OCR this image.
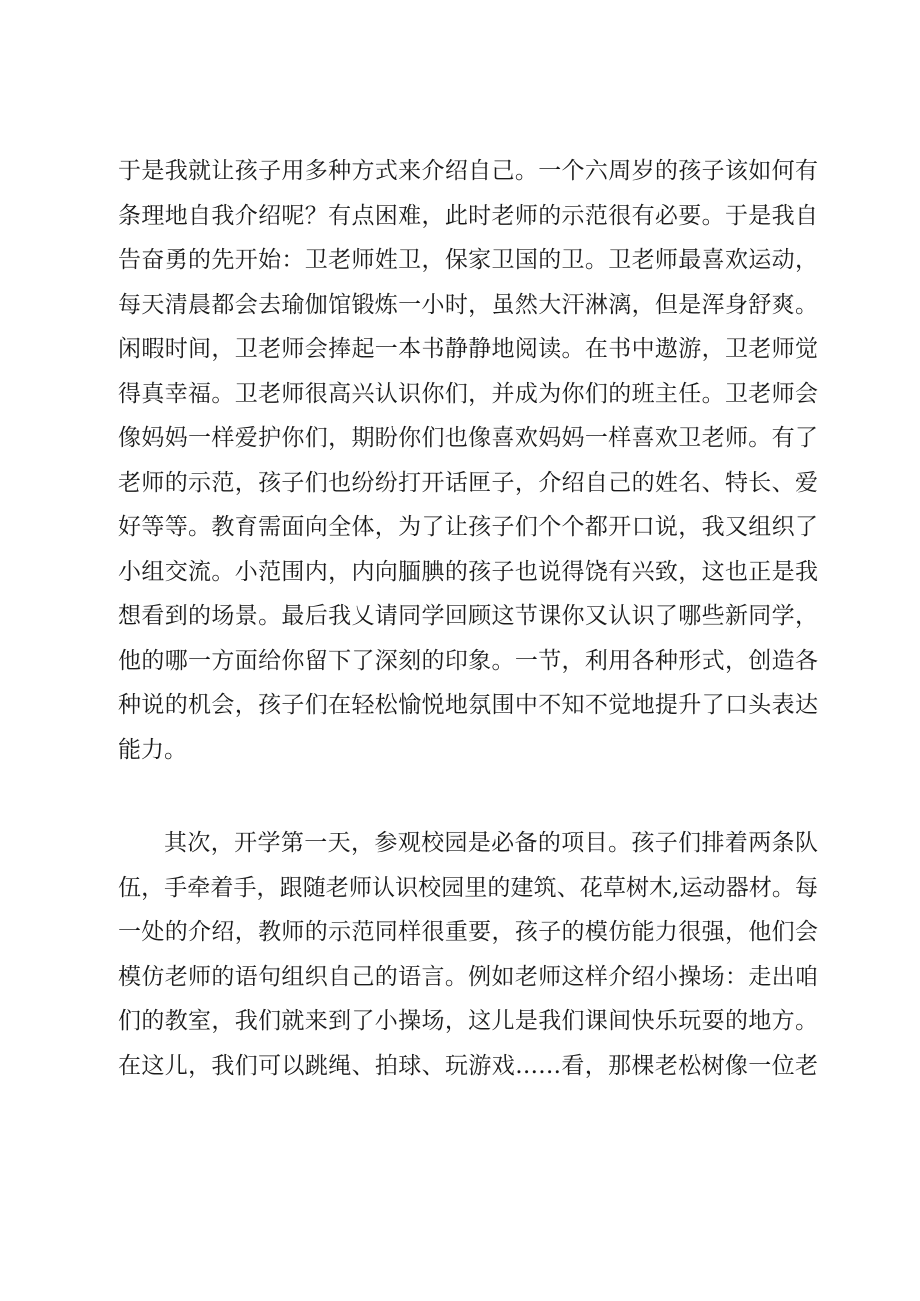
于是我就让孩子用多种方式来介绍自己。一个六周岁的孩子该如何有
条理地自我介绍呢？有点困难，此时老师的示范很有必要。于是我自
告奋勇的先开始：卫老师姓卫，保家卫国的卫。卫老师最喜欢运动，
每天清晨都会去瑜伽馆锻炼一小时，虽然大汗淋漓，但是浑身舒爽。
闲暇时间，卫老师会捧起一本书静静地阅读。在书中遨游，卫老师觉
得真幸福。卫老师很高兴认识你们，并成为你们的班主任。卫老师会
像妈妈一样爱护你们，期盼你们也像喜欢妈妈一样喜欢卫老师。有了
老师的示范，孩子们也纷纷打开话匣子，介绍自己的姓名、特长、爱
好等等。教育需面向全体，为了让孩子们个个都开口说，我又组织了
小组交流。小范围内，内向腼腆的孩子也说得饶有兴致，这也正是我
想看到的场景。最后我乂请同学回顾这节课你又认识了哪些新同学，
他的哪一方面给你留下了深刻的印象。一节，利用各种形式，创造各
种说的机会，孩子们在轻松愉悦地氛围中不知不觉地提升了口头表达
能力。
其次，开学第一天，参观校园是必备的项目。孩子们排着两条队
伍，手牵着手，跟随老师认识校园里的建筑、花草树木,运动器材。每
一处的介绍，教师的示范同样很重要，孩子的模仿能力很强，他们会
模仿老师的语句组织自己的语言。例如老师这样介绍小操场：走出咱
们的教室，我们就来到了小操场，这儿是我们课间快乐玩耍的地方。
在这儿，我们可以跳绳、拍球、玩游戏……看，那棵老松树像一位老
